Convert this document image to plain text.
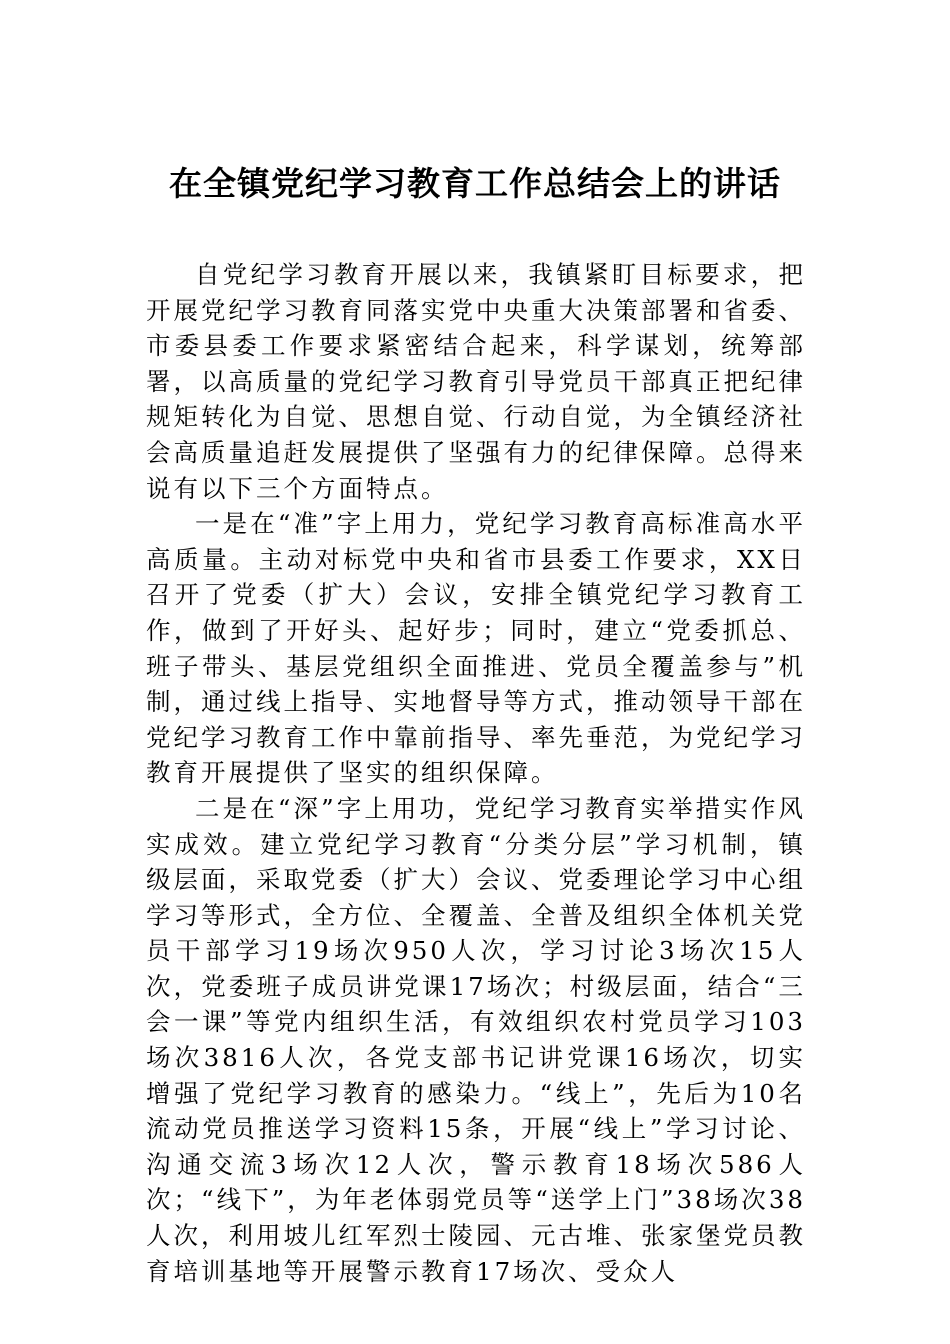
在全镇党纪学习教育工作总结会上的讲话

自党纪学习教育开展以来，我镇紧盯目标要求，把开展党纪学习教育同落实党中央重大决策部署和省委、市委县委工作要求紧密结合起来，科学谋划，统筹部署，以高质量的党纪学习教育引导党员干部真正把纪律规矩转化为自觉、思想自觉、行动自觉，为全镇经济社会高质量追赶发展提供了坚强有力的纪律保障。总得来说有以下三个方面特点。

一是在“准”字上用力，党纪学习教育高标准高水平高质量。主动对标党中央和省市县委工作要求，XX日召开了党委（扩大）会议，安排全镇党纪学习教育工作，做到了开好头、起好步；同时，建立“党委抓总、班子带头、基层党组织全面推进、党员全覆盖参与”机制，通过线上指导、实地督导等方式，推动领导干部在党纪学习教育工作中靠前指导、率先垂范，为党纪学习教育开展提供了坚实的组织保障。

二是在“深”字上用功，党纪学习教育实举措实作风实成效。建立党纪学习教育“分类分层”学习机制，镇级层面，采取党委（扩大）会议、党委理论学习中心组学习等形式，全方位、全覆盖、全普及组织全体机关党员干部学习19场次950人次，学习讨论3场次15人次，党委班子成员讲党课17场次；村级层面，结合“三会一课”等党内组织生活，有效组织农村党员学习103场次3816人次，各党支部书记讲党课16场次，切实增强了党纪学习教育的感染力。“线上”，先后为10名流动党员推送学习资料15条，开展“线上”学习讨论、沟通交流3场次12人次，警示教育18场次586人次；“线下”，为年老体弱党员等“送学上门”38场次38人次，利用坡儿红军烈士陵园、元古堆、张家堡党员教育培训基地等开展警示教育17场次、受众人
